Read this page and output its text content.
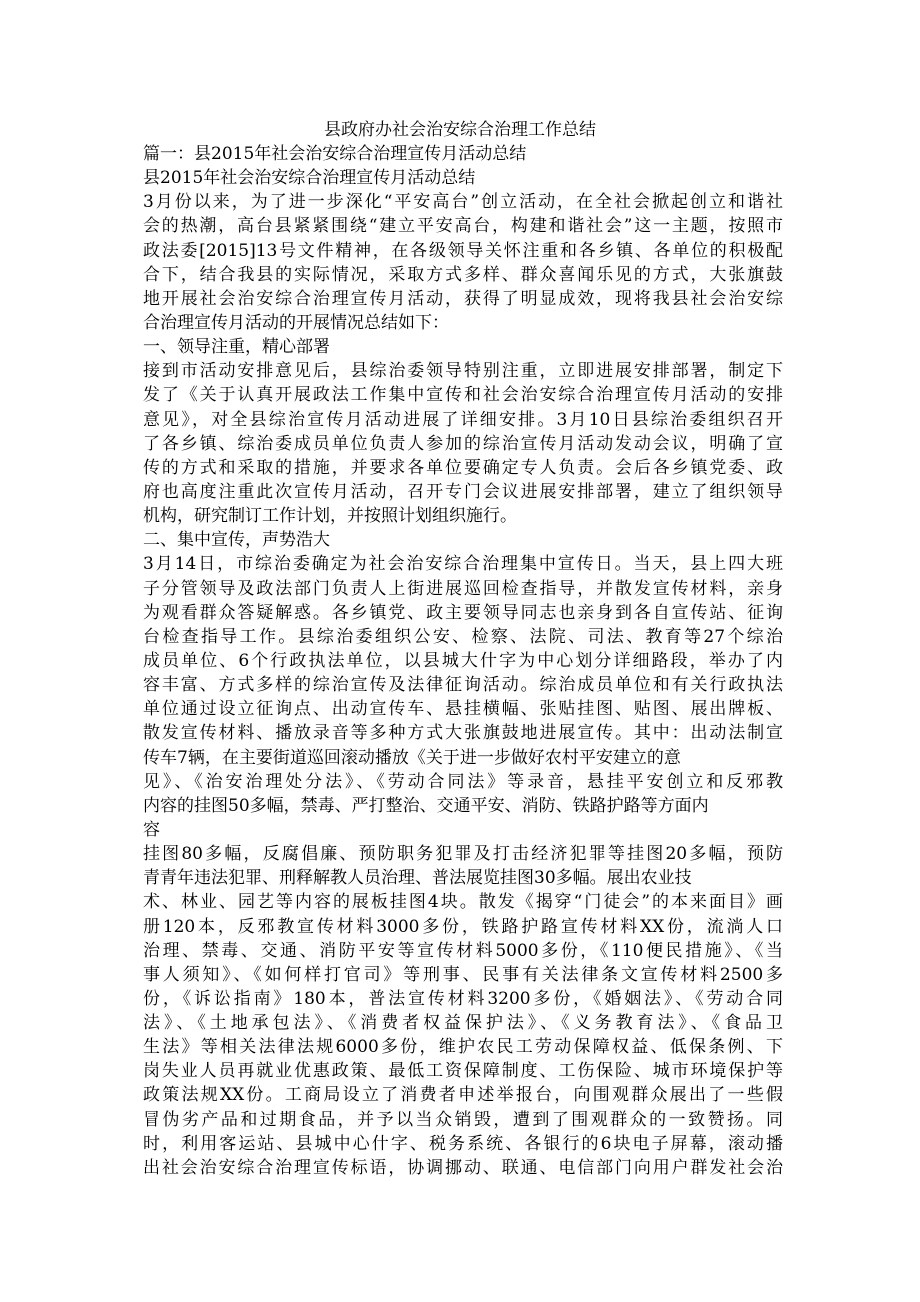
县政府办社会治安综合治理工作总结
篇一：县2015年社会治安综合治理宣传月活动总结
县2015年社会治安综合治理宣传月活动总结
3月份以来，为了进一步深化“平安高台”创立活动，在全社会掀起创立和谐社
会的热潮，高台县紧紧围绕“建立平安高台，构建和谐社会”这一主题，按照市
政法委[2015]13号文件精神，在各级领导关怀注重和各乡镇、各单位的积极配
合下，结合我县的实际情况，采取方式多样、群众喜闻乐见的方式，大张旗鼓
地开展社会治安综合治理宣传月活动，获得了明显成效，现将我县社会治安综
合治理宣传月活动的开展情况总结如下：
一、领导注重，精心部署
接到市活动安排意见后，县综治委领导特别注重，立即进展安排部署，制定下
发了《关于认真开展政法工作集中宣传和社会治安综合治理宣传月活动的安排
意见》，对全县综治宣传月活动进展了详细安排。3月10日县综治委组织召开
了各乡镇、综治委成员单位负责人参加的综治宣传月活动发动会议，明确了宣
传的方式和采取的措施，并要求各单位要确定专人负责。会后各乡镇党委、政
府也高度注重此次宣传月活动，召开专门会议进展安排部署，建立了组织领导
机构，研究制订工作计划，并按照计划组织施行。
二、集中宣传，声势浩大
3月14日，市综治委确定为社会治安综合治理集中宣传日。当天，县上四大班
子分管领导及政法部门负责人上街进展巡回检查指导，并散发宣传材料，亲身
为观看群众答疑解惑。各乡镇党、政主要领导同志也亲身到各自宣传站、征询
台检查指导工作。县综治委组织公安、检察、法院、司法、教育等27个综治
成员单位、6个行政执法单位，以县城大什字为中心划分详细路段，举办了内
容丰富、方式多样的综治宣传及法律征询活动。综治成员单位和有关行政执法
单位通过设立征询点、出动宣传车、悬挂横幅、张贴挂图、贴图、展出牌板、
散发宣传材料、播放录音等多种方式大张旗鼓地进展宣传。其中：出动法制宣
传车7辆，在主要街道巡回滚动播放《关于进一步做好农村平安建立的意
见》、《治安治理处分法》、《劳动合同法》等录音，悬挂平安创立和反邪教
内容的挂图50多幅，禁毒、严打整治、交通平安、消防、铁路护路等方面内
容
挂图80多幅，反腐倡廉、预防职务犯罪及打击经济犯罪等挂图20多幅，预防
青青年违法犯罪、刑释解教人员治理、普法展览挂图30多幅。展出农业技
术、林业、园艺等内容的展板挂图4块。散发《揭穿“门徒会”的本来面目》画
册120本，反邪教宣传材料3000多份，铁路护路宣传材料XX份，流淌人口
治理、禁毒、交通、消防平安等宣传材料5000多份，《110便民措施》、《当
事人须知》、《如何样打官司》等刑事、民事有关法律条文宣传材料2500多
份，《诉讼指南》180本，普法宣传材料3200多份，《婚姻法》、《劳动合同
法》、《土地承包法》、《消费者权益保护法》、《义务教育法》、《食品卫
生法》等相关法律法规6000多份，维护农民工劳动保障权益、低保条例、下
岗失业人员再就业优惠政策、最低工资保障制度、工伤保险、城市环境保护等
政策法规XX份。工商局设立了消费者申述举报台，向围观群众展出了一些假
冒伪劣产品和过期食品，并予以当众销毁，遭到了围观群众的一致赞扬。同
时，利用客运站、县城中心什字、税务系统、各银行的6块电子屏幕，滚动播
出社会治安综合治理宣传标语，协调挪动、联通、电信部门向用户群发社会治
